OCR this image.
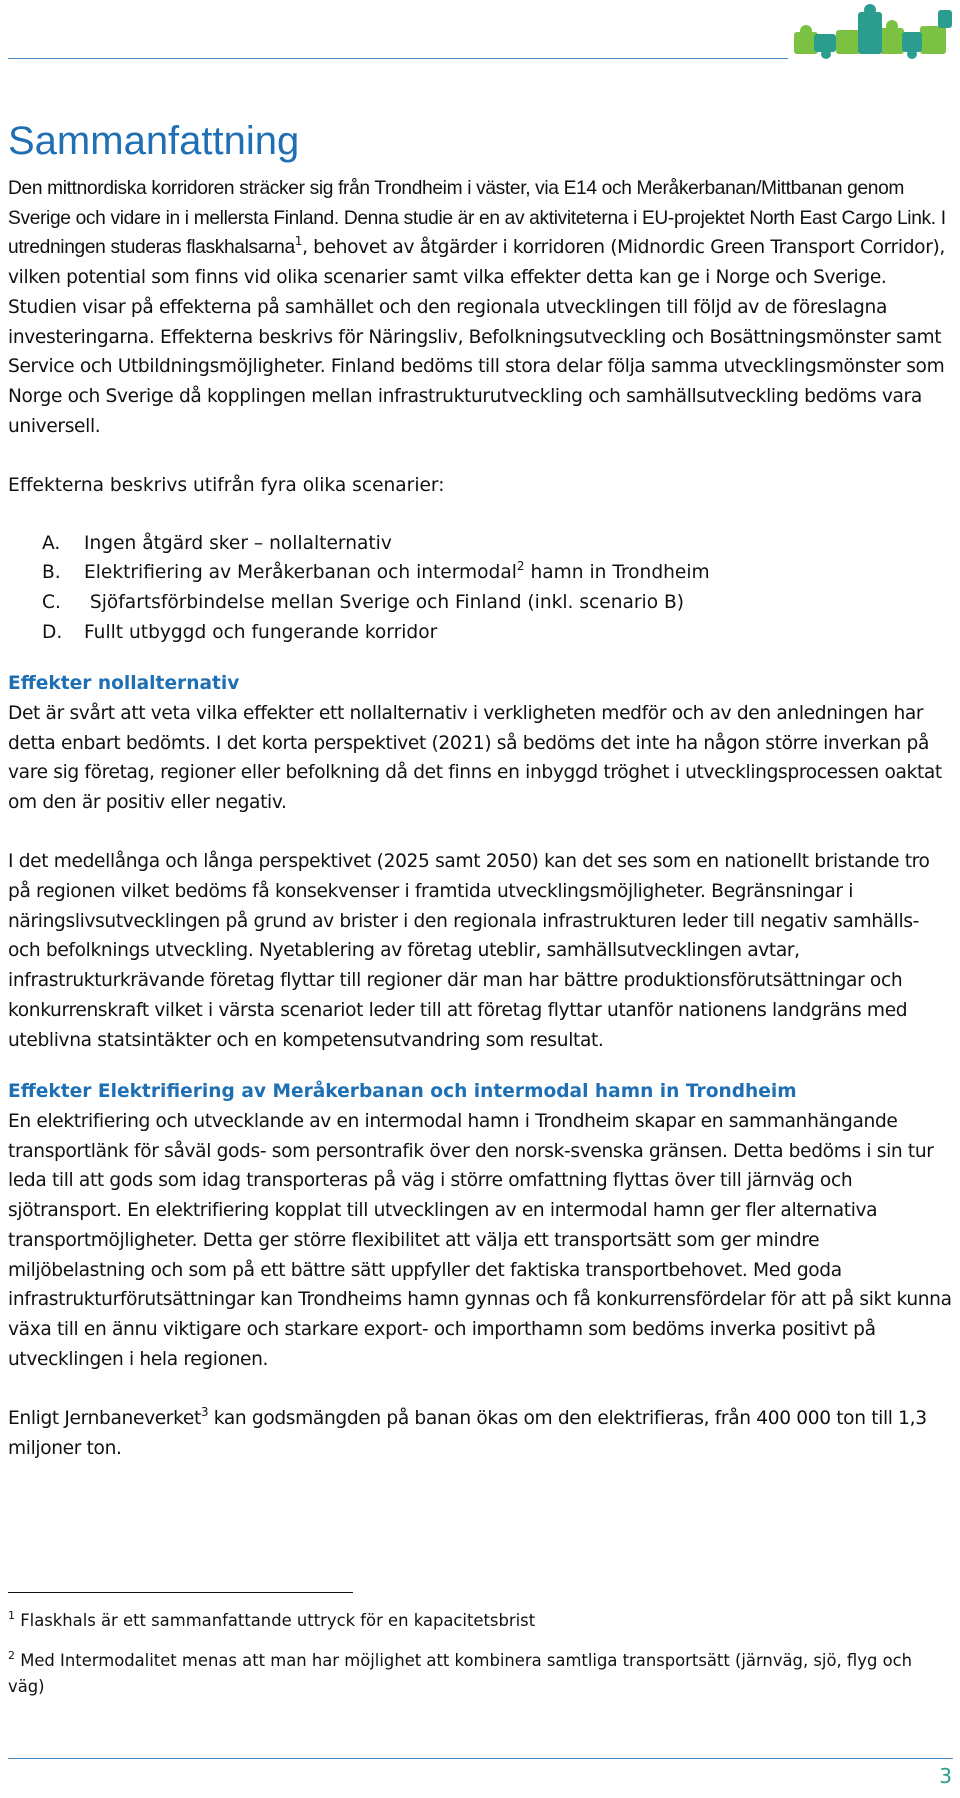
Sammanfattning

Den mittnordiska korridoren sträcker sig från Trondheim i väster, via E14 och Meråkerbanan/Mittbanan genom Sverige och vidare in i mellersta Finland. Denna studie är en av aktiviteterna i EU-projektet North East Cargo Link. I utredningen studeras flaskhalsarna$^1$, behovet av åtgärder i korridoren (Midnordic Green Transport Corridor), vilken potential som finns vid olika scenarier samt vilka effekter detta kan ge i Norge och Sverige. Studien visar på effekterna på samhället och den regionala utvecklingen till följd av de föreslagna investeringarna. Effekterna beskrivs för Näringsliv, Befolkningsutveckling och Bosättningsmönster samt Service och Utbildningsmöjligheter. Finland bedöms till stora delar följa samma utvecklingsmönster som Norge och Sverige då kopplingen mellan infrastrukturutveckling och samhällsutveckling bedöms vara universell.

Effekterna beskrivs utifrån fyra olika scenarier:

A.	Ingen åtgärd sker – nollalternativ
B.	Elektrifiering av Meråkerbanan och intermodal$^2$ hamn in Trondheim
C.	Sjöfartsförbindelse mellan Sverige och Finland (inkl. scenario B)
D.	Fullt utbyggd och fungerande korridor
Effekter nollalternativ

Det är svårt att veta vilka effekter ett nollalternativ i verkligheten medför och av den anledningen har detta enbart bedömts. I det korta perspektivet (2021) så bedöms det inte ha någon större inverkan på vare sig företag, regioner eller befolkning då det finns en inbyggd tröghet i utvecklingsprocessen oaktat om den är positiv eller negativ.

I det medellånga och långa perspektivet (2025 samt 2050) kan det ses som en nationellt bristande tro på regionen vilket bedöms få konsekvenser i framtida utvecklingsmöjligheter. Begränsningar i näringslivsutvecklingen på grund av brister i den regionala infrastrukturen leder till negativ samhälls- och befolknings utveckling. Nyetablering av företag uteblir, samhällsutvecklingen avtar, infrastrukturkrävande företag flyttar till regioner där man har bättre produktionsförutsättningar och konkurrenskraft vilket i värsta scenariot leder till att företag flyttar utanför nationens landgräns med uteblivna statsintäkter och en kompetensutvandring som resultat.

Effekter Elektrifiering av Meråkerbanan och intermodal hamn in Trondheim

En elektrifiering och utvecklande av en intermodal hamn i Trondheim skapar en sammanhängande transportlänk för såväl gods- som persontrafik över den norsk-svenska gränsen. Detta bedöms i sin tur leda till att gods som idag transporteras på väg i större omfattning flyttas över till järnväg och sjötransport. En elektrifiering kopplat till utvecklingen av en intermodal hamn ger fler alternativa transportmöjligheter. Detta ger större flexibilitet att välja ett transportsätt som ger mindre miljöbelastning och som på ett bättre sätt uppfyller det faktiska transportbehovet. Med goda infrastrukturförutsättningar kan Trondheims hamn gynnas och få konkurrensfördelar för att på sikt kunna växa till en ännu viktigare och starkare export- och importhamn som bedöms inverka positivt på utvecklingen i hela regionen.

Enligt Jernbaneverket$^3$ kan godsmängden på banan ökas om den elektrifieras, från 400 000 ton till 1,3 miljoner ton.

$^1$ Flaskhals är ett sammanfattande uttryck för en kapacitetsbrist
$^2$ Med Intermodalitet menas att man har möjlighet att kombinera samtliga transportsätt (järnväg, sjö, flyg och väg)
3
